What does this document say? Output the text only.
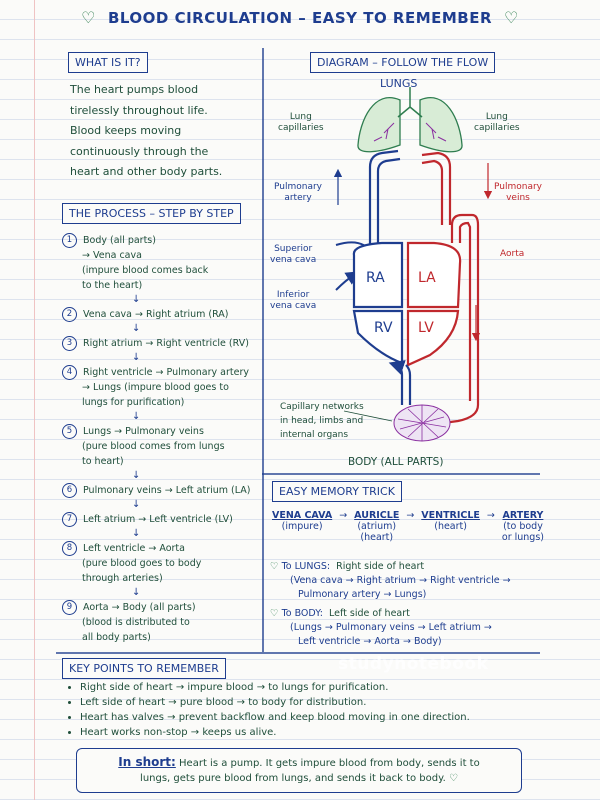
♡ BLOOD CIRCULATION – EASY TO REMEMBER ♡
WHAT IS IT?
The heart pumps blood
tirelessly throughout life.
Blood keeps moving
continuously through the
heart and other body parts.
THE PROCESS – STEP BY STEP
1	Body (all parts)
→ Vena cava
(impure blood comes back
to the heart)
↓
2	Vena cava → Right atrium (RA)
↓
3	Right atrium → Right ventricle (RV)
↓
4	Right ventricle → Pulmonary artery
→ Lungs (impure blood goes to
lungs for purification)
↓
5	Lungs → Pulmonary veins
(pure blood comes from lungs
to heart)
↓
6	Pulmonary veins → Left atrium (LA)
↓
7	Left atrium → Left ventricle (LV)
↓
8	Left ventricle → Aorta
(pure blood goes to body
through arteries)
↓
9	Aorta → Body (all parts)
(blood is distributed to
all body parts)
DIAGRAM – FOLLOW THE FLOW
LUNGS
Lung
capillaries
Lung
capillaries
Pulmonary
artery
Pulmonary
veins
Superior
vena cava
Inferior
vena cava
Aorta
RA LA
RV LV
Capillary networks
in head, limbs and
internal organs
BODY (ALL PARTS)
EASY MEMORY TRICK
VENA CAVA
(impure)
→ AURICLE
(atrium)
(heart)
→ VENTRICLE
(heart)
→ ARTERY
(to body
or lungs)
♡ To LUNGS: Right side of heart
(Vena cava → Right atrium → Right ventricle →
Pulmonary artery → Lungs)
♡ To BODY: Left side of heart
(Lungs → Pulmonary veins → Left atrium →
Left ventricle → Aorta → Body)
KEY POINTS TO REMEMBER
• Right side of heart → impure blood → to lungs for purification.
• Left side of heart → pure blood → to body for distribution.
• Heart has valves → prevent backflow and keep blood moving in one direction.
• Heart works non-stop → keeps us alive.
In short: Heart is a pump. It gets impure blood from body, sends it to
lungs, gets pure blood from lungs, and sends it back to body. ♡
studynotebook
